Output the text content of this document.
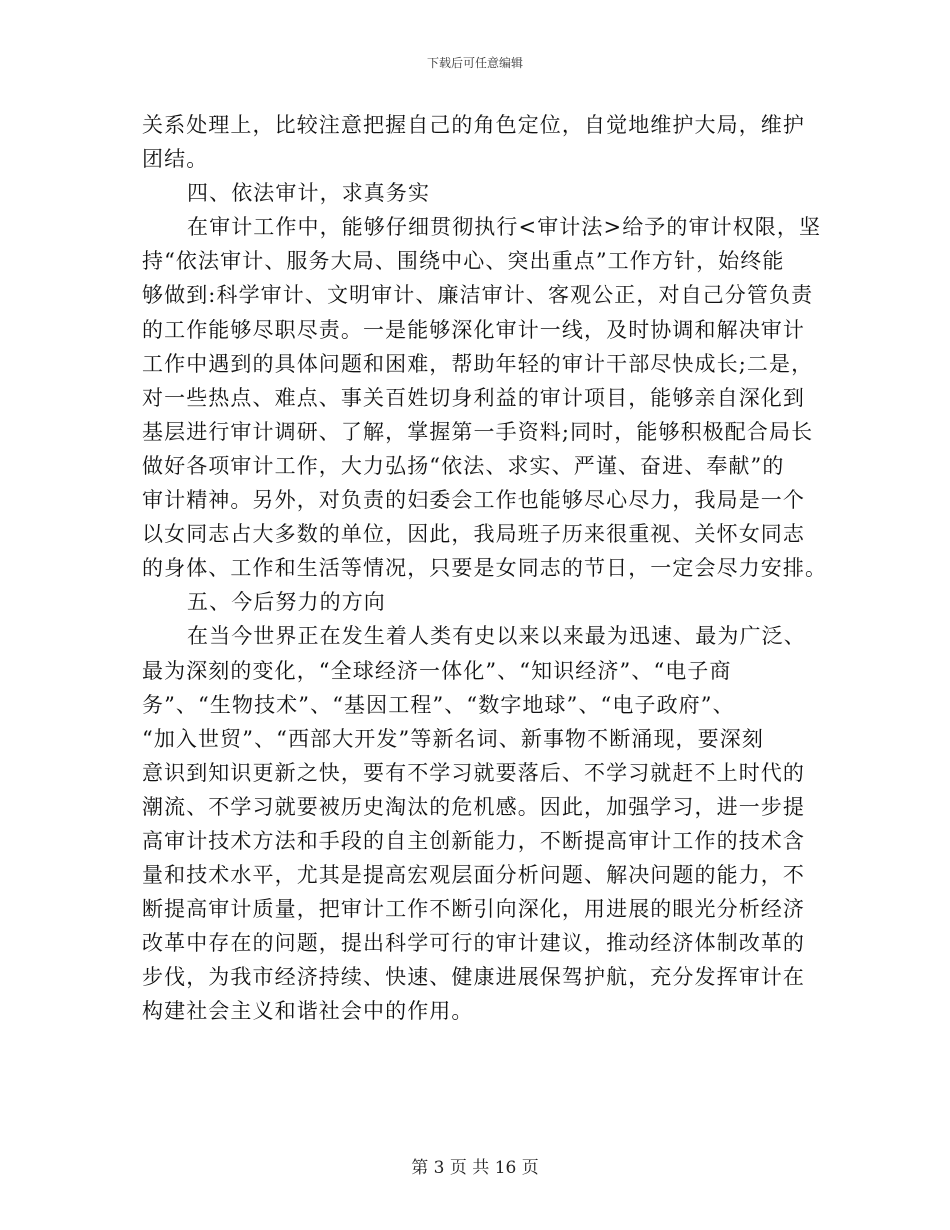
下载后可任意编辑
关系处理上，比较注意把握自己的角色定位，自觉地维护大局，维护
团结。
四、依法审计，求真务实
在审计工作中，能够仔细贯彻执行<审计法>给予的审计权限，坚
持“依法审计、服务大局、围绕中心、突出重点”工作方针，始终能
够做到:科学审计、文明审计、廉洁审计、客观公正，对自己分管负责
的工作能够尽职尽责。一是能够深化审计一线，及时协调和解决审计
工作中遇到的具体问题和困难，帮助年轻的审计干部尽快成长;二是，
对一些热点、难点、事关百姓切身利益的审计项目，能够亲自深化到
基层进行审计调研、了解，掌握第一手资料;同时，能够积极配合局长
做好各项审计工作，大力弘扬“依法、求实、严谨、奋进、奉献”的
审计精神。另外，对负责的妇委会工作也能够尽心尽力，我局是一个
以女同志占大多数的单位，因此，我局班子历来很重视、关怀女同志
的身体、工作和生活等情况，只要是女同志的节日，一定会尽力安排。
五、今后努力的方向
在当今世界正在发生着人类有史以来以来最为迅速、最为广泛、
最为深刻的变化，“全球经济一体化”、“知识经济”、“电子商
务”、“生物技术”、“基因工程”、“数字地球”、“电子政府”、
“加入世贸”、“西部大开发”等新名词、新事物不断涌现，要深刻
意识到知识更新之快，要有不学习就要落后、不学习就赶不上时代的
潮流、不学习就要被历史淘汰的危机感。因此，加强学习，进一步提
高审计技术方法和手段的自主创新能力，不断提高审计工作的技术含
量和技术水平，尤其是提高宏观层面分析问题、解决问题的能力，不
断提高审计质量，把审计工作不断引向深化，用进展的眼光分析经济
改革中存在的问题，提出科学可行的审计建议，推动经济体制改革的
步伐，为我市经济持续、快速、健康进展保驾护航，充分发挥审计在
构建社会主义和谐社会中的作用。
第 3 页 共 16 页
